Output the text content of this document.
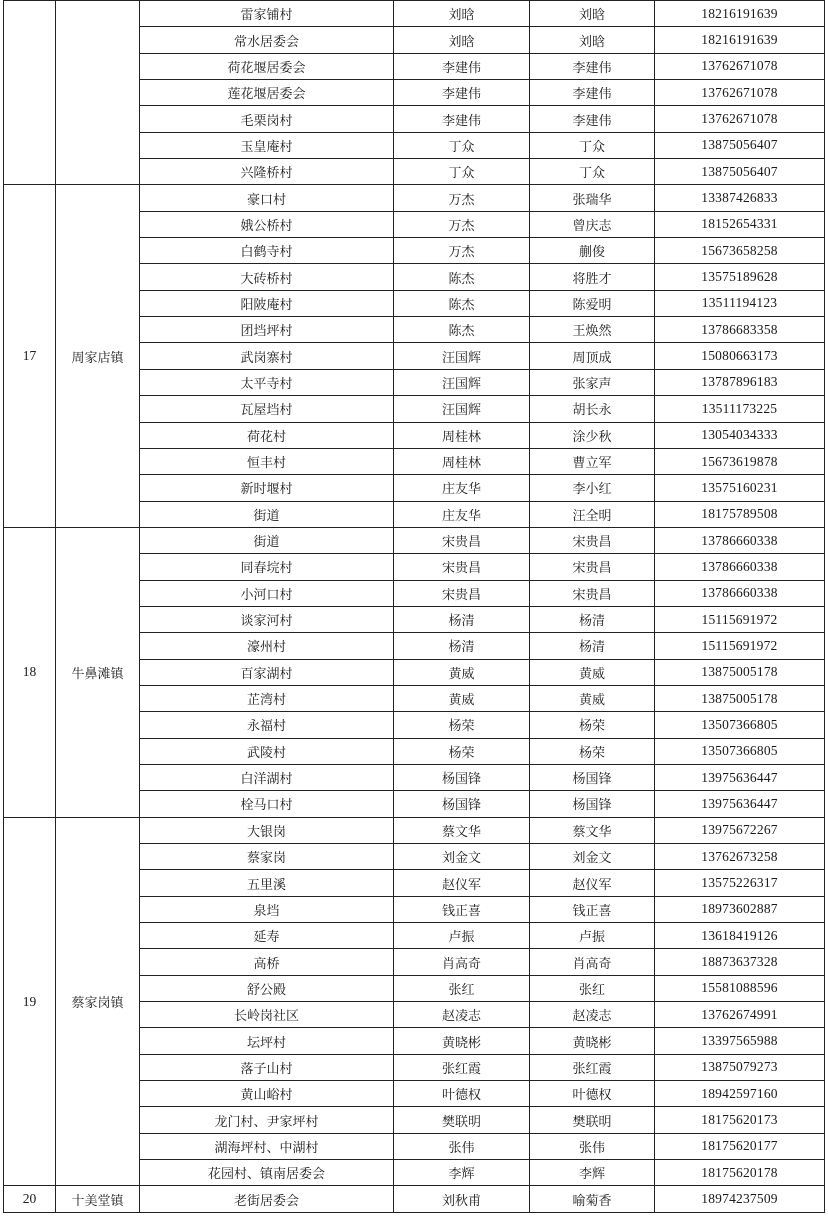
		雷家铺村	刘晗	刘晗	18216191639
		常水居委会	刘晗	刘晗	18216191639
		荷花堰居委会	李建伟	李建伟	13762671078
		莲花堰居委会	李建伟	李建伟	13762671078
		毛栗岗村	李建伟	李建伟	13762671078
		玉皇庵村	丁众	丁众	13875056407
		兴隆桥村	丁众	丁众	13875056407
17	周家店镇	豪口村	万杰	张瑞华	13387426833
		娥公桥村	万杰	曾庆志	18152654331
		白鹤寺村	万杰	蒯俊	15673658258
		大砖桥村	陈杰	将胜才	13575189628
		阳陂庵村	陈杰	陈爱明	13511194123
		团垱坪村	陈杰	王焕然	13786683358
		武岗寨村	汪国辉	周顶成	15080663173
		太平寺村	汪国辉	张家声	13787896183
		瓦屋垱村	汪国辉	胡长永	13511173225
		荷花村	周桂林	涂少秋	13054034333
		恒丰村	周桂林	曹立军	15673619878
		新时堰村	庄友华	李小红	13575160231
		街道	庄友华	汪全明	18175789508
18	牛鼻滩镇	街道	宋贵昌	宋贵昌	13786660338
		同春垸村	宋贵昌	宋贵昌	13786660338
		小河口村	宋贵昌	宋贵昌	13786660338
		谈家河村	杨清	杨清	15115691972
		濠州村	杨清	杨清	15115691972
		百家湖村	黄威	黄威	13875005178
		芷湾村	黄威	黄威	13875005178
		永福村	杨荣	杨荣	13507366805
		武陵村	杨荣	杨荣	13507366805
		白洋湖村	杨国锋	杨国锋	13975636447
		栓马口村	杨国锋	杨国锋	13975636447
19	蔡家岗镇	大银岗	蔡文华	蔡文华	13975672267
		蔡家岗	刘金文	刘金文	13762673258
		五里溪	赵仪军	赵仪军	13575226317
		泉垱	钱正喜	钱正喜	18973602887
		延寿	卢振	卢振	13618419126
		高桥	肖高奇	肖高奇	18873637328
		舒公殿	张红	张红	15581088596
		长岭岗社区	赵凌志	赵凌志	13762674991
		坛坪村	黄晓彬	黄晓彬	13397565988
		落子山村	张红霞	张红霞	13875079273
		黄山峪村	叶德权	叶德权	18942597160
		龙门村、尹家坪村	樊联明	樊联明	18175620173
		湖海坪村、中湖村	张伟	张伟	18175620177
		花园村、镇南居委会	李辉	李辉	18175620178
20	十美堂镇	老街居委会	刘秋甫	喻菊香	18974237509
